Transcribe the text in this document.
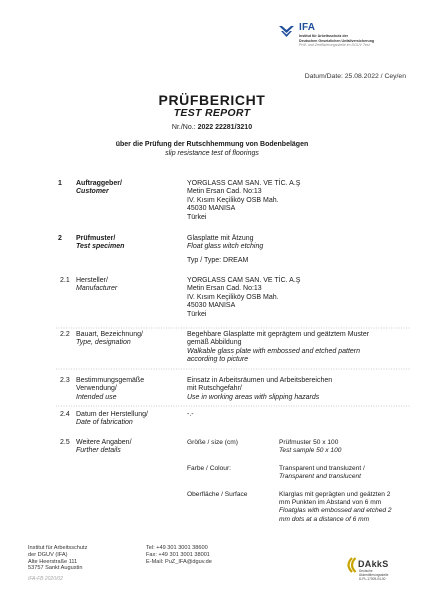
IFA
Institut für Arbeitsschutz der
Deutschen Gesetzlichen Unfallversicherung
Prüf- und Zertifizierungsstelle im DGUV Test
Datum/Date: 25.08.2022 / Cey/en
PRÜFBERICHT
TEST REPORT
Nr./No.: 2022 22281/3210
über die Prüfung der Rutschhemmung von Bodenbelägen
slip resistance test of floorings
1 Auftraggeber/
Customer
YORGLASS CAM SAN. VE TİC. A.Ş
Metin Ersan Cad. No:13
IV. Kısım Keçiliköy OSB Mah.
45030 MANISA
Türkei
2 Prüfmuster/
Test specimen
Glasplatte mit Ätzung
Float glass witch etching
Typ / Type: DREAM
2.1 Hersteller/
Manufacturer
YORGLASS CAM SAN. VE TİC. A.Ş
Metin Ersan Cad. No:13
IV. Kısım Keçiliköy OSB Mah.
45030 MANISA
Türkei
2.2 Bauart, Bezeichnung/
Type, designation
Begehbare Glasplatte mit geprägtem und geätztem Muster
gemäß Abbildung
Walkable glass plate with embossed and etched pattern
according to picture
2.3 Bestimmungsgemäße
Verwendung/
Intended use
Einsatz in Arbeitsräumen und Arbeitsbereichen
mit Rutschgefahr/
Use in working areas with slipping hazards
2.4 Datum der Herstellung/
Date of fabrication
-.-
2.5 Weitere Angaben/
Further details
Größe / size (cm)	Prüfmuster 50 x 100
Test sample 50 x 100
Farbe / Colour:	Transparent und transluzent /
Transparent and translucent
Oberfläche / Surface	Klarglas mit geprägten und geätzten 2
mm Punkten im Abstand von 6 mm
Floatglas with embossed and etched 2
mm dots at a distance of 6 mm
Institut für Arbeitsschutz
der DGUV (IFA)
Alte Heerstraße 111
53757 Sankt Augustin
IFA-FB 2020/02
Tel: +49 301 3001 38600
Fax: +49 301 3001 38001
E-Mail: PuZ_IFA@dguv.de	DAkkS
Deutsche
Akkreditierungsstelle
D-PL-17009-04-00
